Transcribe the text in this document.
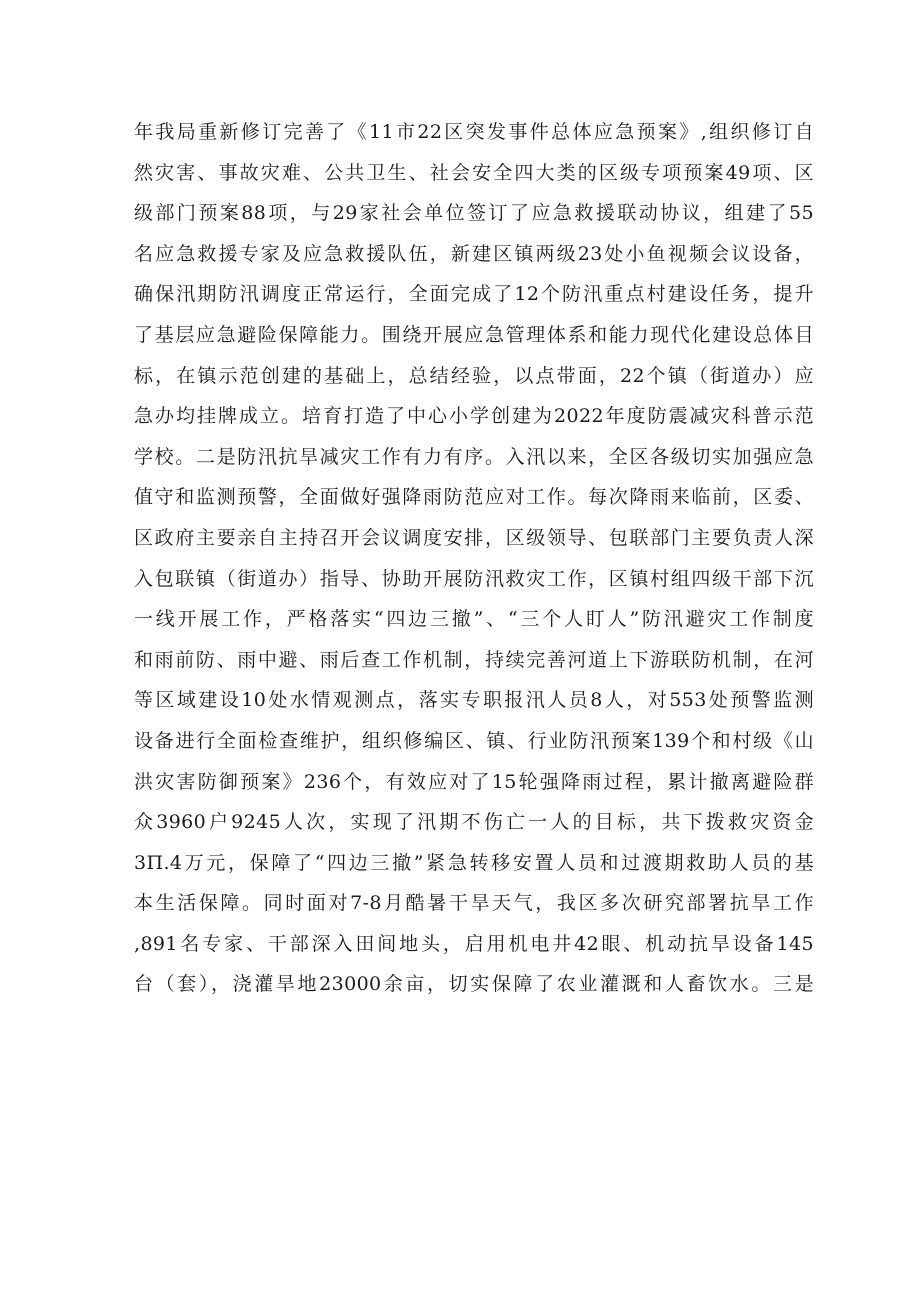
年我局重新修订完善了《11市22区突发事件总体应急预案》,组织修订自
然灾害、事故灾难、公共卫生、社会安全四大类的区级专项预案49项、区
级部门预案88项，与29家社会单位签订了应急救援联动协议，组建了55
名应急救援专家及应急救援队伍，新建区镇两级23处小鱼视频会议设备，
确保汛期防汛调度正常运行，全面完成了12个防汛重点村建设任务，提升
了基层应急避险保障能力。围绕开展应急管理体系和能力现代化建设总体目
标，在镇示范创建的基础上，总结经验，以点带面，22个镇（街道办）应
急办均挂牌成立。培育打造了中心小学创建为2022年度防震减灾科普示范
学校。二是防汛抗旱减灾工作有力有序。入汛以来，全区各级切实加强应急
值守和监测预警，全面做好强降雨防范应对工作。每次降雨来临前，区委、
区政府主要亲自主持召开会议调度安排，区级领导、包联部门主要负责人深
入包联镇（街道办）指导、协助开展防汛救灾工作，区镇村组四级干部下沉
一线开展工作，严格落实“四边三撤”、“三个人盯人”防汛避灾工作制度
和雨前防、雨中避、雨后查工作机制，持续完善河道上下游联防机制，在河
等区域建设10处水情观测点，落实专职报汛人员8人，对553处预警监测
设备进行全面检查维护，组织修编区、镇、行业防汛预案139个和村级《山
洪灾害防御预案》236个，有效应对了15轮强降雨过程，累计撤离避险群
众3960户9245人次，实现了汛期不伤亡一人的目标，共下拨救灾资金
3Π.4万元，保障了“四边三撤”紧急转移安置人员和过渡期救助人员的基
本生活保障。同时面对7-8月酷暑干旱天气，我区多次研究部署抗旱工作
,891名专家、干部深入田间地头，启用机电井42眼、机动抗旱设备145
台（套），浇灌旱地23000余亩，切实保障了农业灌溉和人畜饮水。三是
